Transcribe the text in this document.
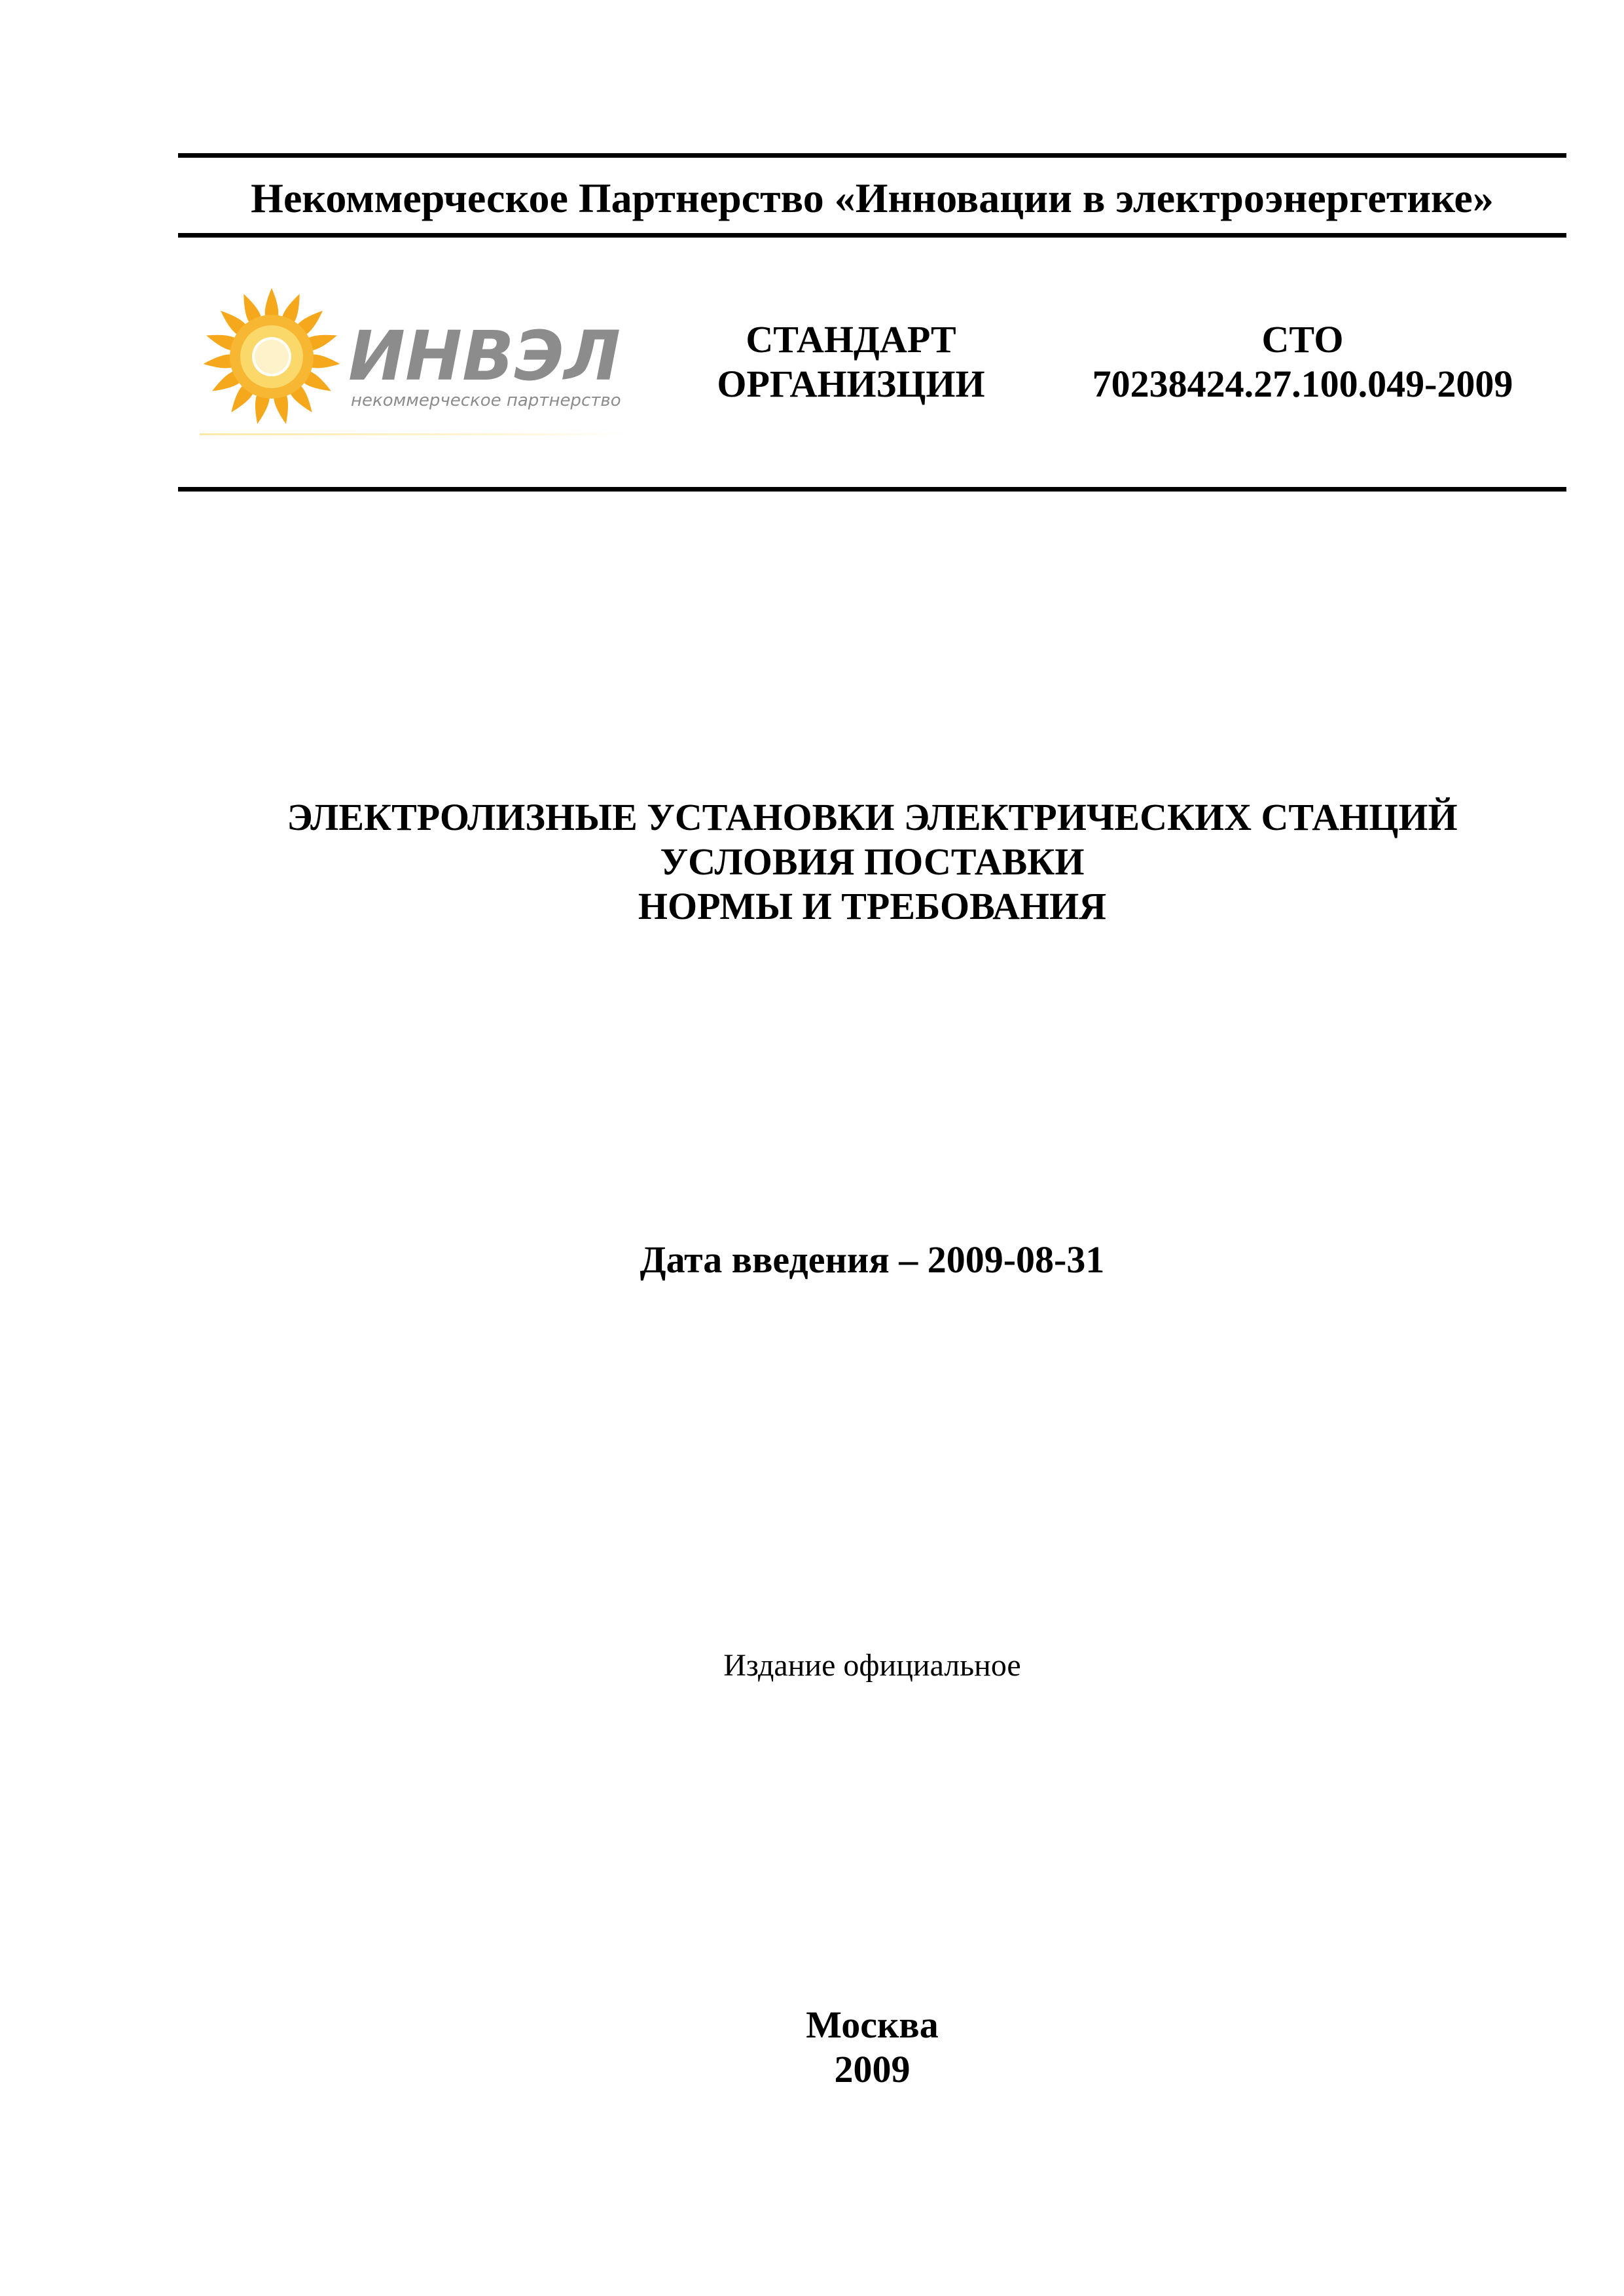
Некоммерческое Партнерство «Инновации в электроэнергетике»
ИНВЭЛ
некоммерческое партнерство
СТАНДАРТ
ОРГАНИЗЦИИ
СТО
70238424.27.100.049-2009
ЭЛЕКТРОЛИЗНЫЕ УСТАНОВКИ ЭЛЕКТРИЧЕСКИХ СТАНЦИЙ
УСЛОВИЯ ПОСТАВКИ
НОРМЫ И ТРЕБОВАНИЯ
Дата введения – 2009-08-31
Издание официальное
Москва
2009
